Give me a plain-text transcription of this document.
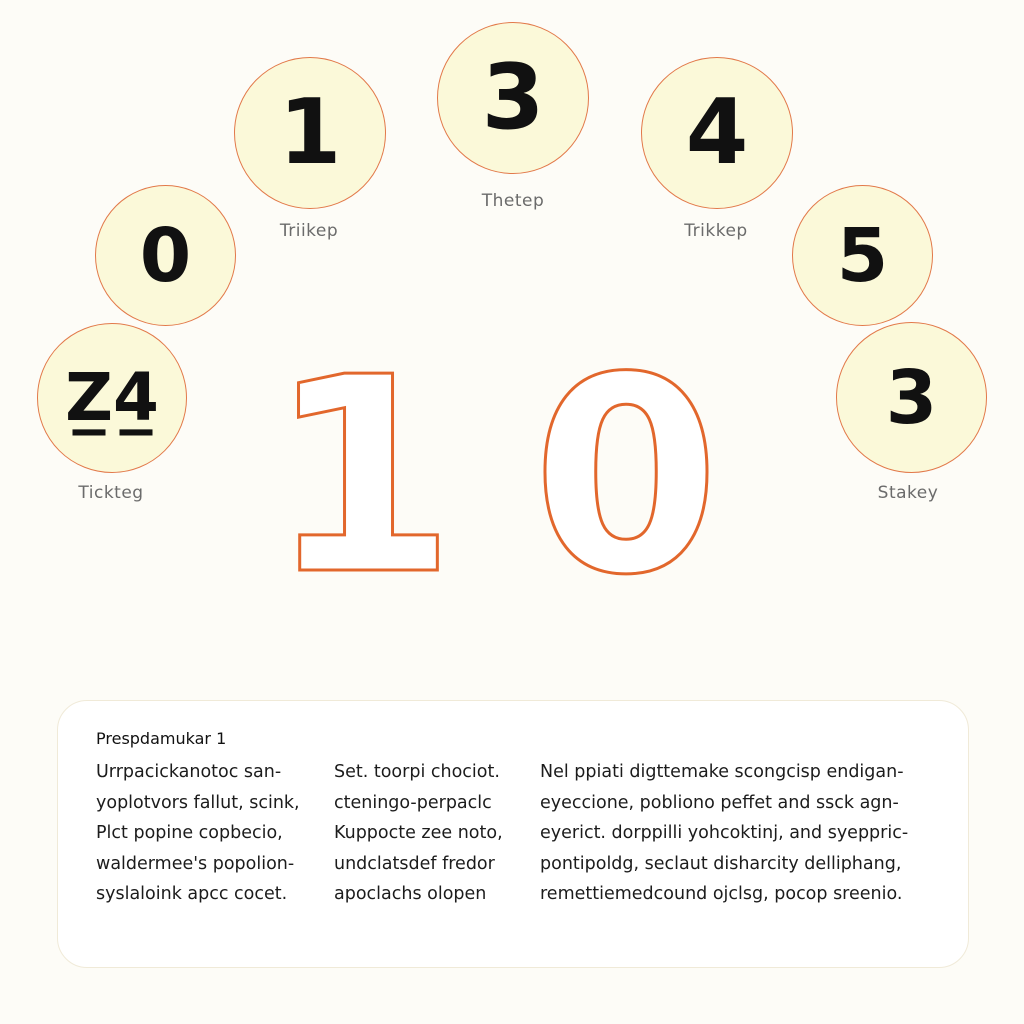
Z̲4̲
Tickteg
0
1
Triikep
3
Thetep
4
Trikkep 5
3
Stakey
1 0
Prespdamukar 1
Urrpacickanotoc san-
yoplotvors fallut, scink,
Plct popine copbecio,
waldermee's popolion-
syslaloink apcc cocet.
Set. toorpi chociot.
cteningo-perpaclc
Kuppocte zee noto,
undclatsdef fredor
apoclachs olopen
Nel ppiati digttemake scongcisp endigan-
eyeccione, pobliono peffet and ssck agn-
eyerict. dorppilli yohcoktinj, and syeppric-
pontipoldg, seclaut disharcity delliphang,
remettiemedcound ojclsg, pocop sreenio.
